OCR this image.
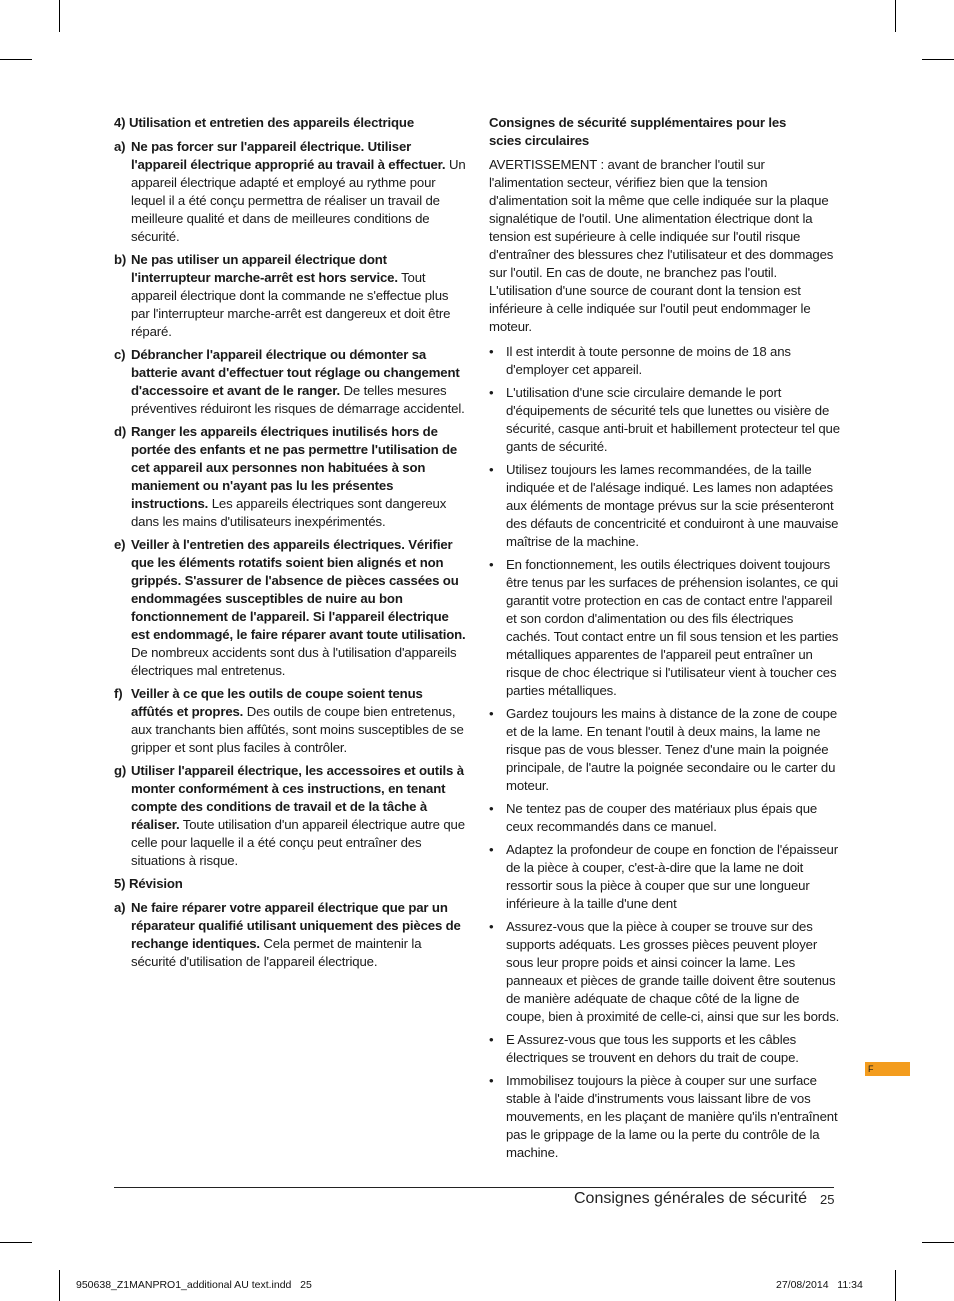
4) Utilisation et entretien des appareils électrique

a) Ne pas forcer sur l'appareil électrique. Utiliser l'appareil électrique approprié au travail à effectuer. Un appareil électrique adapté et employé au rythme pour lequel il a été conçu permettra de réaliser un travail de meilleure qualité et dans de meilleures conditions de sécurité.
b) Ne pas utiliser un appareil électrique dont l'interrupteur marche-arrêt est hors service. Tout appareil électrique dont la commande ne s'effectue plus par l'interrupteur marche-arrêt est dangereux et doit être réparé.
c) Débrancher l'appareil électrique ou démonter sa batterie avant d'effectuer tout réglage ou changement d'accessoire et avant de le ranger. De telles mesures préventives réduiront les risques de démarrage accidentel.
d) Ranger les appareils électriques inutilisés hors de portée des enfants et ne pas permettre l'utilisation de cet appareil aux personnes non habituées à son maniement ou n'ayant pas lu les présentes instructions. Les appareils électriques sont dangereux dans les mains d'utilisateurs inexpérimentés.
e) Veiller à l'entretien des appareils électriques. Vérifier que les éléments rotatifs soient bien alignés et non grippés. S'assurer de l'absence de pièces cassées ou endommagées susceptibles de nuire au bon fonctionnement de l'appareil. Si l'appareil électrique est endommagé, le faire réparer avant toute utilisation. De nombreux accidents sont dus à l'utilisation d'appareils électriques mal entretenus.
f) Veiller à ce que les outils de coupe soient tenus affûtés et propres. Des outils de coupe bien entretenus, aux tranchants bien affûtés, sont moins susceptibles de se gripper et sont plus faciles à contrôler.
g) Utiliser l'appareil électrique, les accessoires et outils à monter conformément à ces instructions, en tenant compte des conditions de travail et de la tâche à réaliser. Toute utilisation d'un appareil électrique autre que celle pour laquelle il a été conçu peut entraîner des situations à risque.

5) Révision

a) Ne faire réparer votre appareil électrique que par un réparateur qualifié utilisant uniquement des pièces de rechange identiques. Cela permet de maintenir la sécurité d'utilisation de l'appareil électrique.

Consignes de sécurité supplémentaires pour les scies circulaires

AVERTISSEMENT : avant de brancher l'outil sur l'alimentation secteur, vérifiez bien que la tension d'alimentation soit la même que celle indiquée sur la plaque signalétique de l'outil. Une alimentation électrique dont la tension est supérieure à celle indiquée sur l'outil risque d'entraîner des blessures chez l'utilisateur et des dommages sur l'outil. En cas de doute, ne branchez pas l'outil. L'utilisation d'une source de courant dont la tension est inférieure à celle indiquée sur l'outil peut endommager le moteur.

• Il est interdit à toute personne de moins de 18 ans d'employer cet appareil.
• L'utilisation d'une scie circulaire demande le port d'équipements de sécurité tels que lunettes ou visière de sécurité, casque anti-bruit et habillement protecteur tel que gants de sécurité.
• Utilisez toujours les lames recommandées, de la taille indiquée et de l'alésage indiqué. Les lames non adaptées aux éléments de montage prévus sur la scie présenteront des défauts de concentricité et conduiront à une mauvaise maîtrise de la machine.
• En fonctionnement, les outils électriques doivent toujours être tenus par les surfaces de préhension isolantes, ce qui garantit votre protection en cas de contact entre l'appareil et son cordon d'alimentation ou des fils électriques cachés. Tout contact entre un fil sous tension et les parties métalliques apparentes de l'appareil peut entraîner un risque de choc électrique si l'utilisateur vient à toucher ces parties métalliques.
• Gardez toujours les mains à distance de la zone de coupe et de la lame. En tenant l'outil à deux mains, la lame ne risque pas de vous blesser. Tenez d'une main la poignée principale, de l'autre la poignée secondaire ou le carter du moteur.
• Ne tentez pas de couper des matériaux plus épais que ceux recommandés dans ce manuel.
• Adaptez la profondeur de coupe en fonction de l'épaisseur de la pièce à couper, c'est-à-dire que la lame ne doit ressortir sous la pièce à couper que sur une longueur inférieure à la taille d'une dent
• Assurez-vous que la pièce à couper se trouve sur des supports adéquats. Les grosses pièces peuvent ployer sous leur propre poids et ainsi coincer la lame. Les panneaux et pièces de grande taille doivent être soutenus de manière adéquate de chaque côté de la ligne de coupe, bien à proximité de celle-ci, ainsi que sur les bords.
• E Assurez-vous que tous les supports et les câbles électriques se trouvent en dehors du trait de coupe.
• Immobilisez toujours la pièce à couper sur une surface stable à l'aide d'instruments vous laissant libre de vos mouvements, en les plaçant de manière qu'ils n'entraînent pas le grippage de la lame ou la perte du contrôle de la machine.
F
Consignes générales de sécurité 25
950638_Z1MANPRO1_additional AU text.indd   25	27/08/2014   11:34
